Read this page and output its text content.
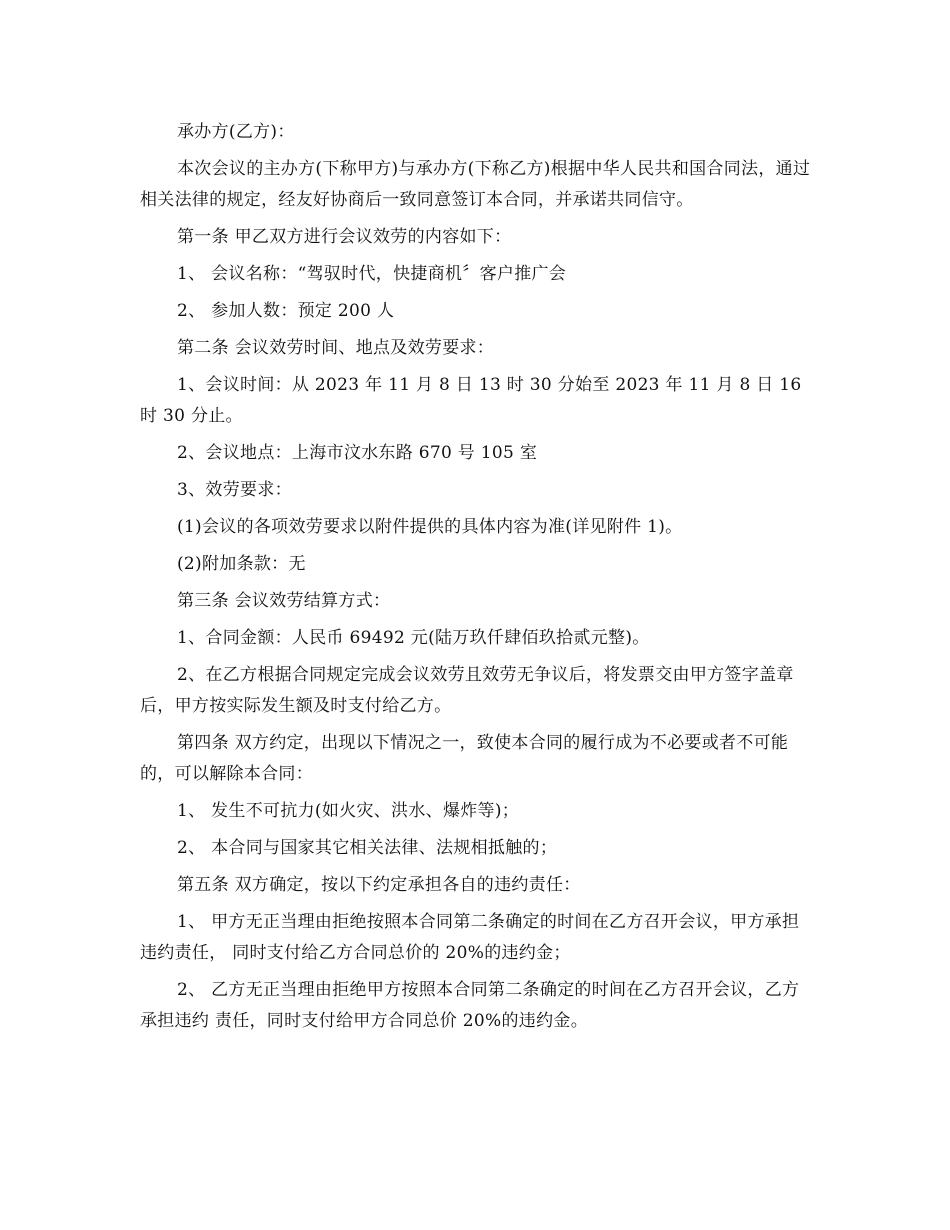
承办方(乙方)：

本次会议的主办方(下称甲方)与承办方(下称乙方)根据中华人民共和国合同法，通过相关法律的规定，经友好协商后一致同意签订本合同，并承诺共同信守。

第一条 甲乙双方进行会议效劳的内容如下：

1、 会议名称：“驾驭时代，快捷商机〞客户推广会

2、 参加人数：预定 200 人

第二条 会议效劳时间、地点及效劳要求：

1、会议时间：从 2023 年 11 月 8 日 13 时 30 分始至 2023 年 11 月 8 日 16 时 30 分止。

2、会议地点：上海市汶水东路 670 号 105 室

3、效劳要求：

(1)会议的各项效劳要求以附件提供的具体内容为准(详见附件 1)。

(2)附加条款：无

第三条 会议效劳结算方式：

1、合同金额：人民币 69492 元(陆万玖仟肆佰玖拾贰元整)。

2、在乙方根据合同规定完成会议效劳且效劳无争议后，将发票交由甲方签字盖章后，甲方按实际发生额及时支付给乙方。

第四条 双方约定，出现以下情况之一，致使本合同的履行成为不必要或者不可能的，可以解除本合同：

1、 发生不可抗力(如火灾、洪水、爆炸等)；

2、 本合同与国家其它相关法律、法规相抵触的；

第五条 双方确定，按以下约定承担各自的违约责任：

1、 甲方无正当理由拒绝按照本合同第二条确定的时间在乙方召开会议，甲方承担违约责任， 同时支付给乙方合同总价的 20%的违约金；

2、 乙方无正当理由拒绝甲方按照本合同第二条确定的时间在乙方召开会议，乙方承担违约 责任，同时支付给甲方合同总价 20%的违约金。
